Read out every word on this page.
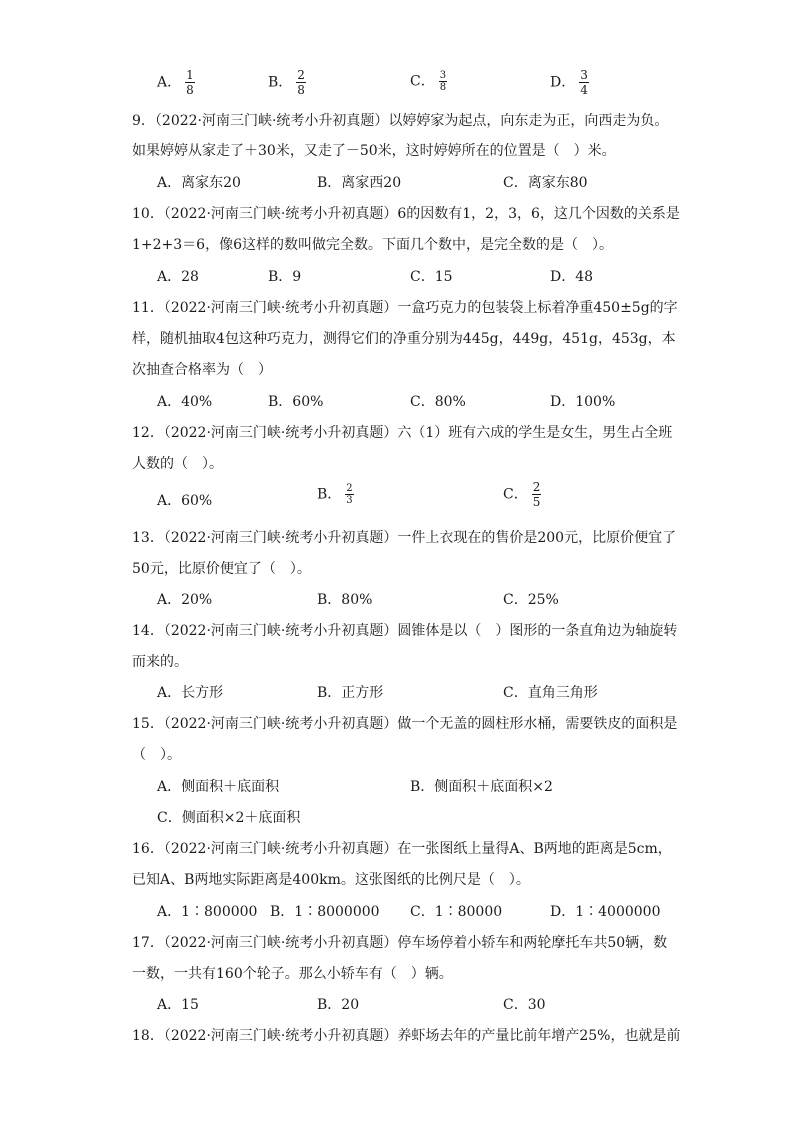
A． $\frac{1}{8}$	B． $\frac{2}{8}$	C． $\frac{3}{8}$	D． $\frac{3}{4}$
9．（2022·河南三门峡·统考小升初真题）以婷婷家为起点，向东走为正，向西走为负。
如果婷婷从家走了＋30米，又走了－50米，这时婷婷所在的位置是（　）米。
A．离家东20	B．离家西20	C．离家东80
10．（2022·河南三门峡·统考小升初真题）6的因数有1，2，3，6，这几个因数的关系是
1+2+3＝6，像6这样的数叫做完全数。下面几个数中，是完全数的是（　）。
A．28	B．9	C．15	D．48
11．（2022·河南三门峡·统考小升初真题）一盒巧克力的包装袋上标着净重450±5g的字
样，随机抽取4包这种巧克力，测得它们的净重分别为445g，449g，451g，453g，本
次抽查合格率为（　）
A．40%	B．60%	C．80%	D．100%
12．（2022·河南三门峡·统考小升初真题）六（1）班有六成的学生是女生，男生占全班
人数的（　）。
A．60%	B． $\frac{2}{3}$	C． $\frac{2}{5}$
13．（2022·河南三门峡·统考小升初真题）一件上衣现在的售价是200元，比原价便宜了
50元，比原价便宜了（　）。
A．20%	B．80%	C．25%
14．（2022·河南三门峡·统考小升初真题）圆锥体是以（　）图形的一条直角边为轴旋转
而来的。
A．长方形	B．正方形	C．直角三角形
15．（2022·河南三门峡·统考小升初真题）做一个无盖的圆柱形水桶，需要铁皮的面积是
（　）。
A．侧面积＋底面积	B．侧面积＋底面积×2
C．侧面积×2＋底面积
16．（2022·河南三门峡·统考小升初真题）在一张图纸上量得A、B两地的距离是5cm，
已知A、B两地实际距离是400km。这张图纸的比例尺是（　）。
A．1∶800000 B．1∶8000000 C．1∶80000	D．1∶4000000
17．（2022·河南三门峡·统考小升初真题）停车场停着小轿车和两轮摩托车共50辆，数
一数，一共有160个轮子。那么小轿车有（　）辆。
A．15	B．20	C．30
18．（2022·河南三门峡·统考小升初真题）养虾场去年的产量比前年增产25%，也就是前
